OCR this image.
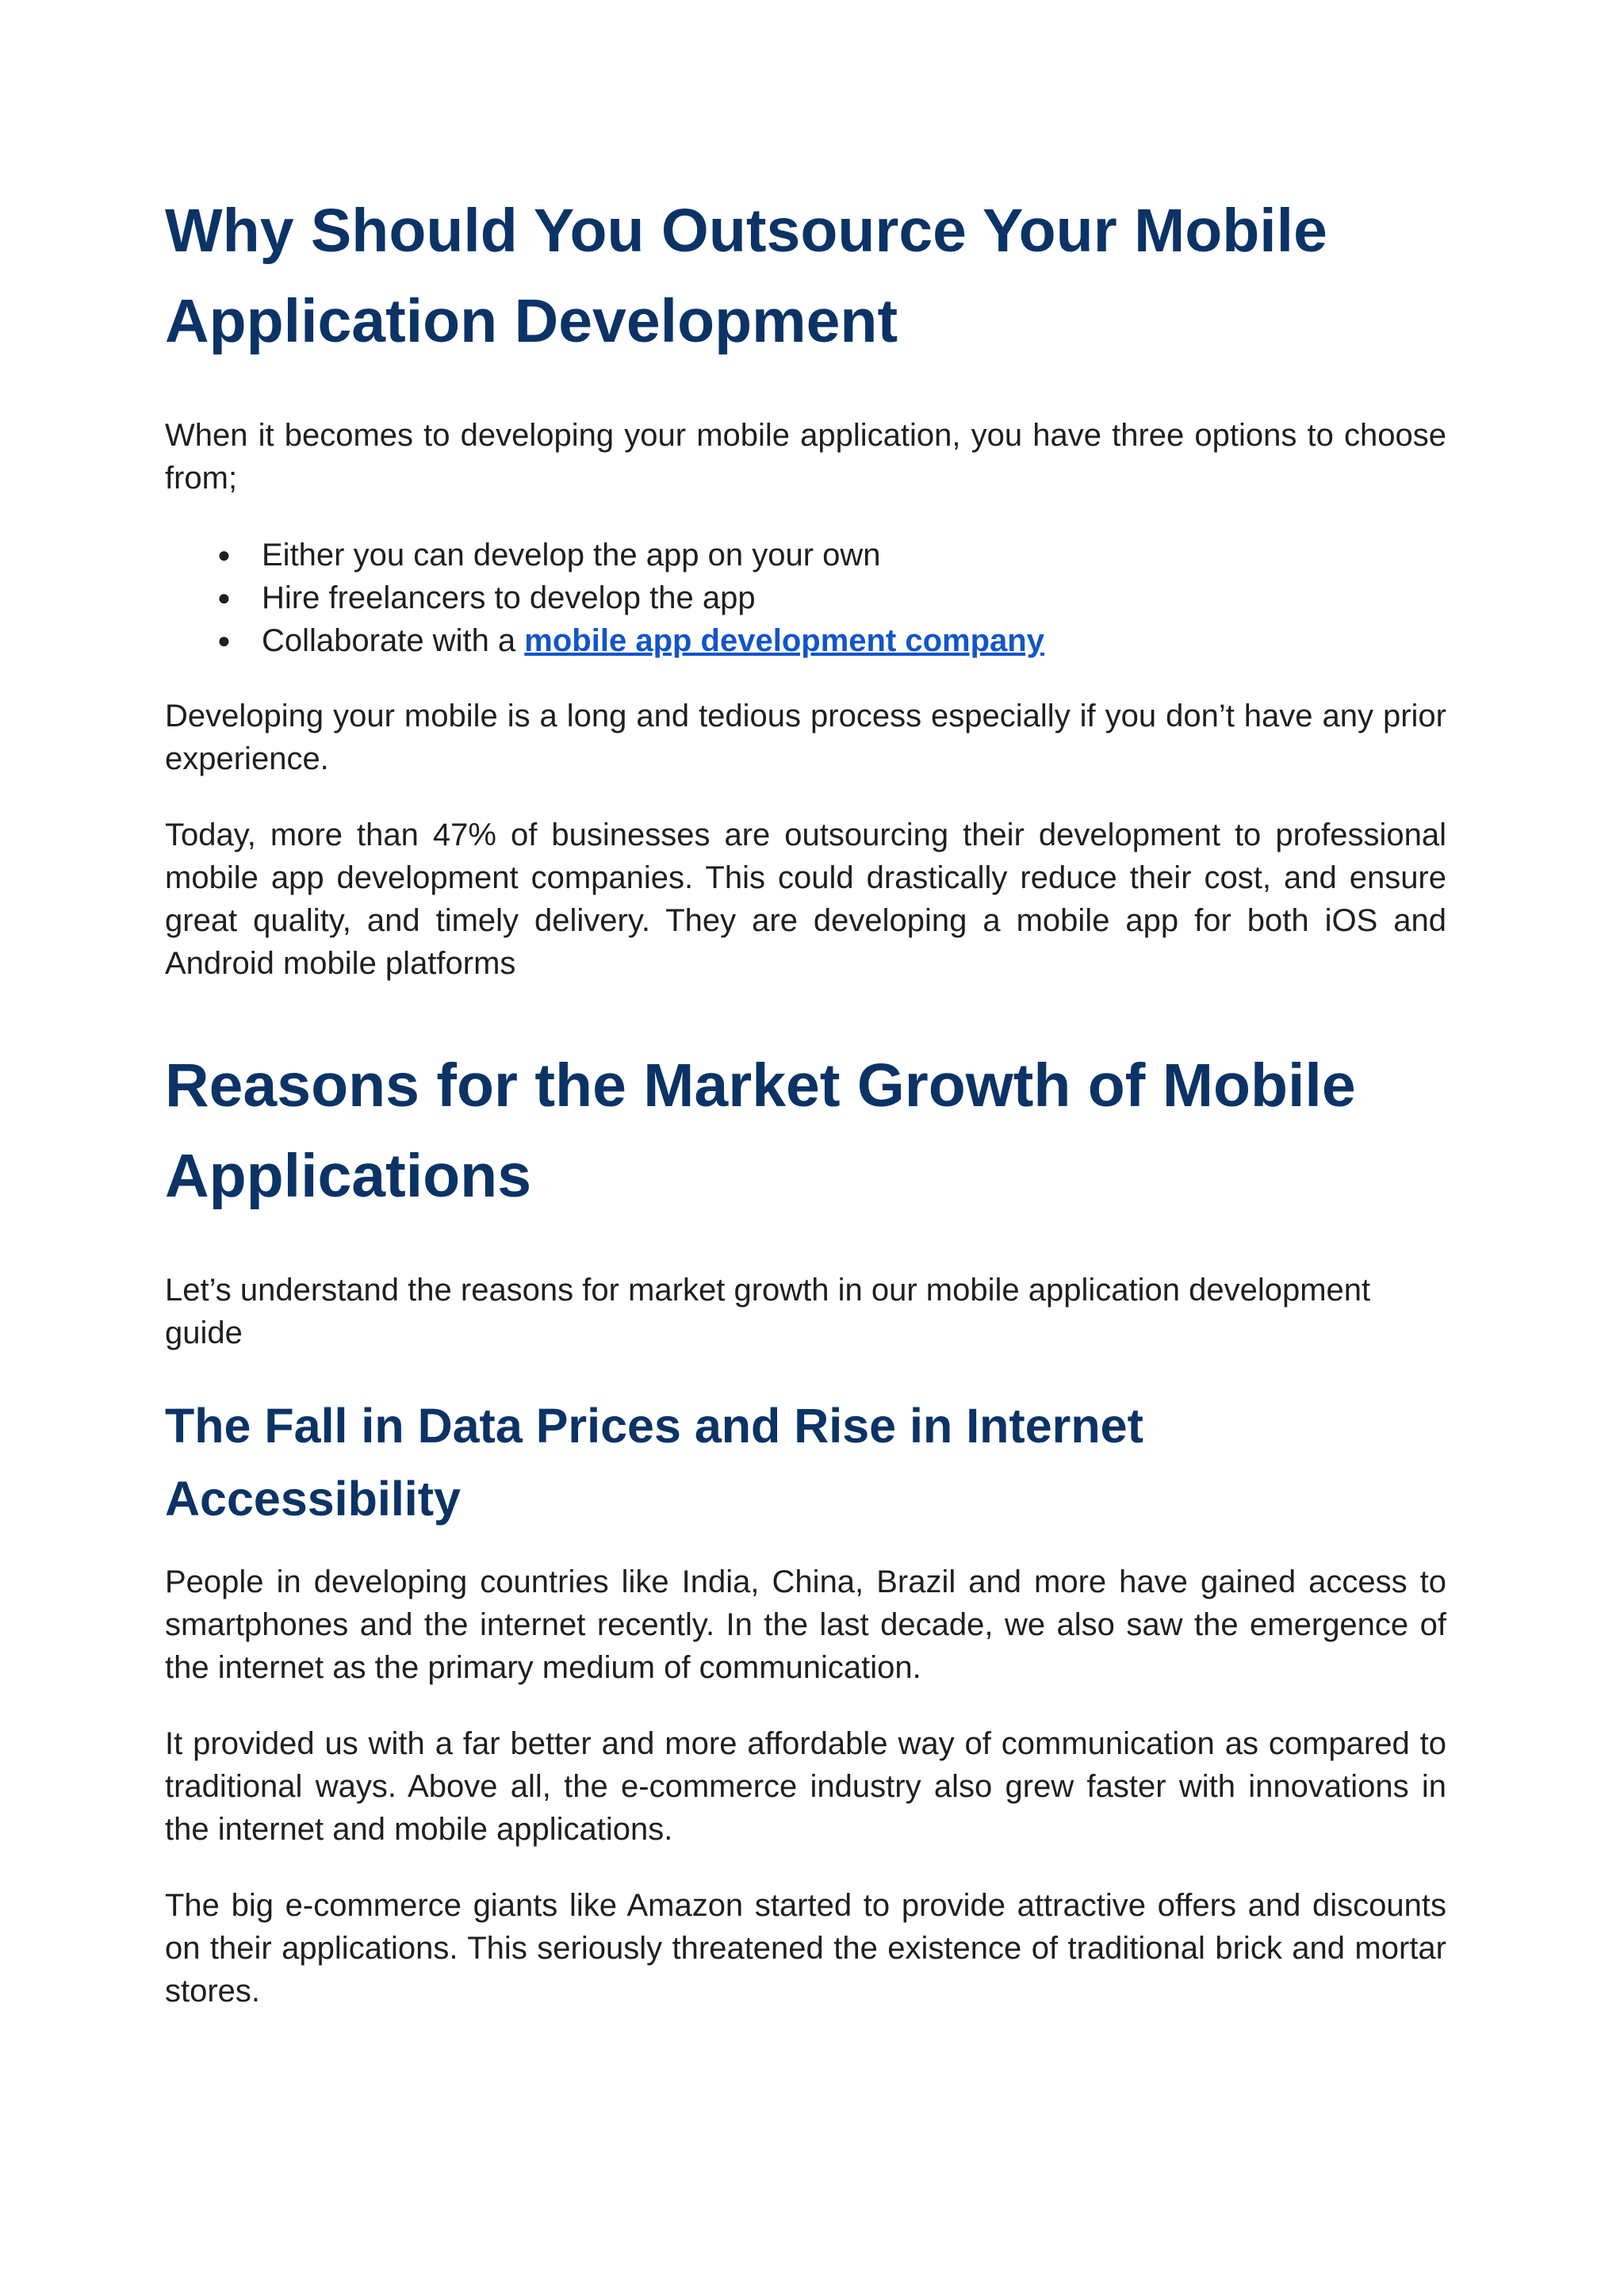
Why Should You Outsource Your Mobile Application Development

When it becomes to developing your mobile application, you have three options to choose from;

● Either you can develop the app on your own
● Hire freelancers to develop the app
● Collaborate with a mobile app development company

Developing your mobile is a long and tedious process especially if you don’t have any prior experience.

Today, more than 47% of businesses are outsourcing their development to professional mobile app development companies. This could drastically reduce their cost, and ensure great quality, and timely delivery. They are developing a mobile app for both iOS and Android mobile platforms

Reasons for the Market Growth of Mobile Applications

Let’s understand the reasons for market growth in our mobile application development guide

The Fall in Data Prices and Rise in Internet Accessibility

People in developing countries like India, China, Brazil and more have gained access to smartphones and the internet recently. In the last decade, we also saw the emergence of the internet as the primary medium of communication.

It provided us with a far better and more affordable way of communication as compared to traditional ways. Above all, the e-commerce industry also grew faster with innovations in the internet and mobile applications.

The big e-commerce giants like Amazon started to provide attractive offers and discounts on their applications. This seriously threatened the existence of traditional brick and mortar stores.
